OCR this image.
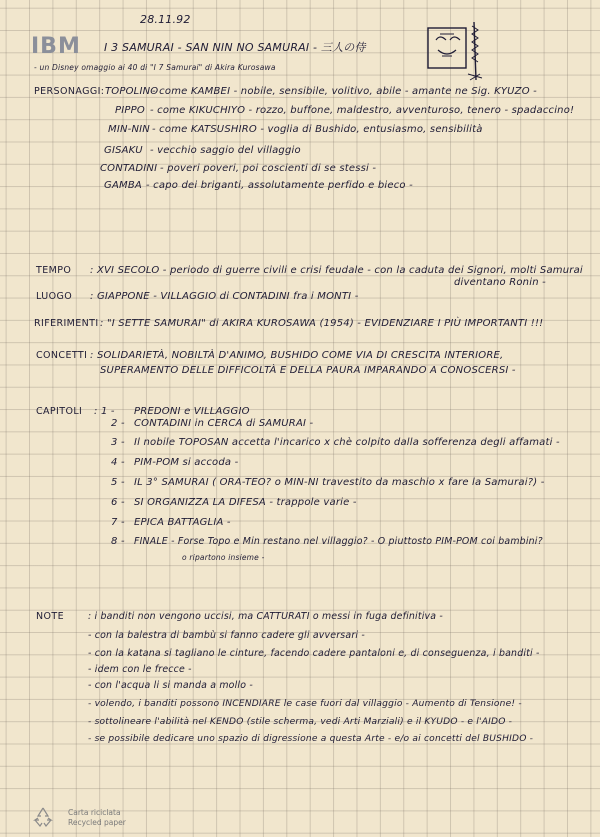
28.11.92
IBM I 3 SAMURAI - SAN NIN NO SAMURAI - 三人の侍
- un Disney omaggio ai 40 di "I 7 Samurai" di Akira Kurosawa
PERSONAGGI: TOPOLINO
- come KAMBEI - nobile, sensibile, volitivo, abile - amante ne Sig. KYUZO -
PIPPO - come KIKUCHIYO - rozzo, buffone, maldestro, avventuroso, tenero - spadaccino!
MIN-NIN - come KATSUSHIRO - voglia di Bushido, entusiasmo, sensibilità
GISAKU - vecchio saggio del villaggio
CONTADINI - poveri poveri, poi coscienti di se stessi -
GAMBA - capo dei briganti, assolutamente perfido e bieco -
TEMPO : XVI SECOLO - periodo di guerre civili e crisi feudale - con la caduta dei Signori, molti Samurai
diventano Ronin -
LUOGO : GIAPPONE - VILLAGGIO di CONTADINI fra i MONTI -
RIFERIMENTI : "I SETTE SAMURAI" di AKIRA KUROSAWA (1954) - EVIDENZIARE I PIÙ IMPORTANTI !!!
CONCETTI : SOLIDARIETÀ, NOBILTÀ D'ANIMO, BUSHIDO COME VIA DI CRESCITA INTERIORE,
SUPERAMENTO DELLE DIFFICOLTÀ E DELLA PAURA IMPARANDO A CONOSCERSI -
CAPITOLI : 1 - PREDONI e VILLAGGIO
2 - CONTADINI in CERCA di SAMURAI -
3 - Il nobile TOPOSAN accetta l'incarico x chè colpito dalla sofferenza degli affamati -
4 - PIM-POM si accoda -
5 - IL 3° SAMURAI ( ORA-TEO? o MIN-NI travestito da maschio x fare la Samurai?) -
6 - SI ORGANIZZA LA DIFESA - trappole varie -
7 - EPICA BATTAGLIA -
8 - FINALE - Forse Topo e Min restano nel villaggio? - O piuttosto PIM-POM coi bambini?
o ripartono insieme -
NOTE	: i banditi non vengono uccisi, ma CATTURATI o messi in fuga definitiva -
- con la balestra di bambù si fanno cadere gli avversari -
- con la katana si tagliano le cinture, facendo cadere pantaloni e, di conseguenza, i banditi -
- idem con le frecce -
- con l'acqua li si manda a mollo -
- volendo, i banditi possono INCENDIARE le case fuori dal villaggio - Aumento di Tensione! -
- sottolineare l'abilità nel KENDO (stile scherma, vedi Arti Marziali) e il KYUDO - e l'AIDO -
- se possibile dedicare uno spazio di digressione a questa Arte - e/o ai concetti del BUSHIDO -
Carta riciclata
Recycled paper
